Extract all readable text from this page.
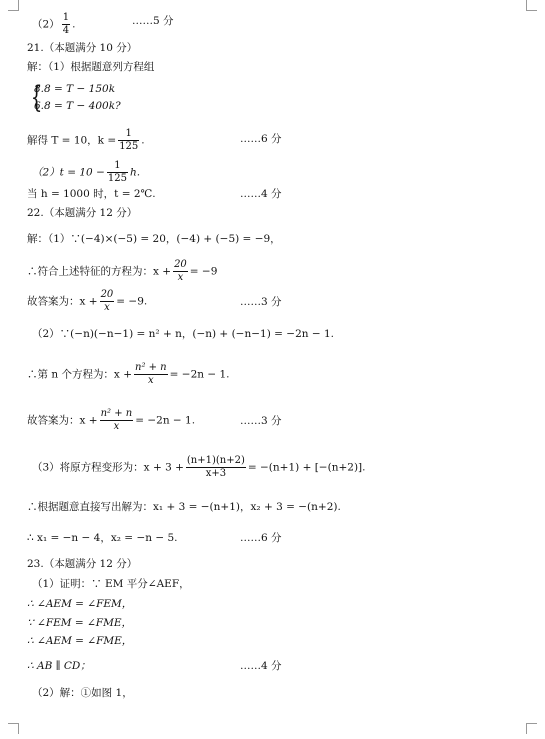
$(2) \frac{1}{4}$ .	……5 分
21.（本题满分 10 分）
解：（1）根据题意列方程组
{
8.8 = T − 150k
6.8 = T − 400k?
解得 T = 10，$k = \frac{1}{125}$ .	……6 分
$(2)t = 10 - \frac{1}{125} h$.
当 h = 1000 时，t = 2℃.	……4 分
22.（本题满分 12 分）
解：（1）∵(−4)×(−5) = 20，(−4) + (−5) = −9，
∴符合上述特征的方程为：$x + \frac{20}{x} = -9$
故答案为：$x + \frac{20}{x} = -9$.	……3 分
（2）∵(−n)(−n−1) = n² + n，(−n) + (−n−1) = −2n − 1.
∴第 n 个方程为：$x + \frac{\text{n² + n}}{x} = -2n - 1$.
故答案为：$x + \frac{\text{n² + n}}{x} = -2n - 1$.	……3 分
（3）将原方程变形为：$x + 3 + \frac{(n+1)(n+2)}{x+3} = -(n+1) + [-(n+2)]$.
∴根据题意直接写出解为：x₁ + 3 = −(n+1)，x₂ + 3 = −(n+2).
∴ x₁ = −n − 4，x₂ = −n − 5.	……6 分
23.（本题满分 12 分）
（1）证明：∵ EM 平分∠AEF，
∴ ∠AEM = ∠FEM，
∵ ∠FEM = ∠FME，
∴ ∠AEM = ∠FME，
∴ AB ∥ CD；	……4 分
（2）解：①如图 1，
